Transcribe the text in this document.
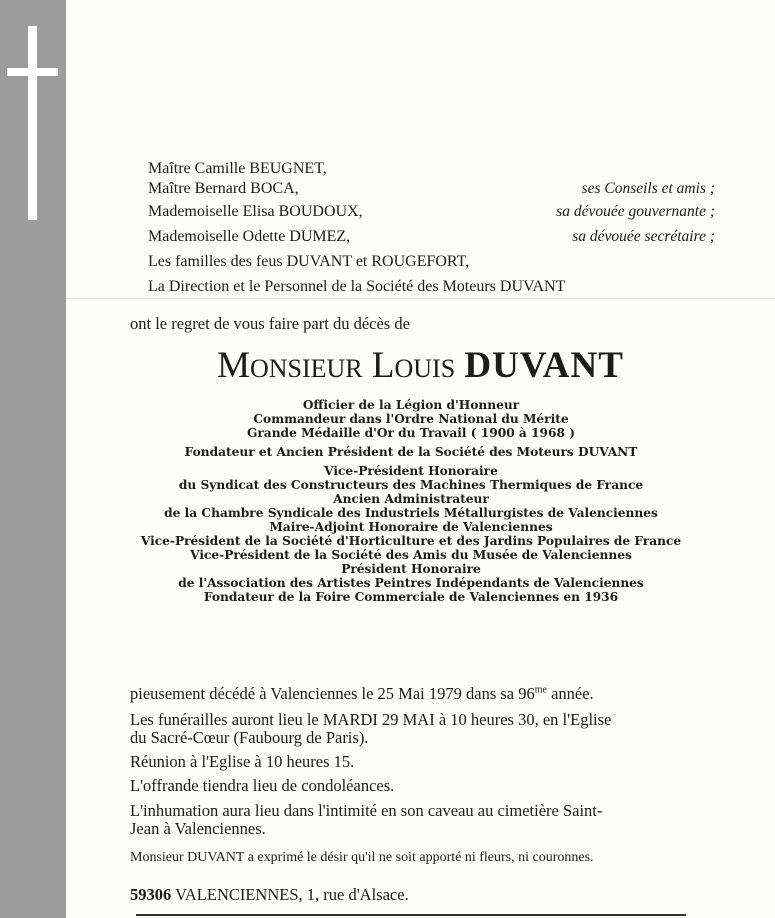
Maître Camille BEUGNET,
Maître Bernard BOCA,	ses Conseils et amis ;
Mademoiselle Elisa BOUDOUX,	sa dévouée gouvernante ;
Mademoiselle Odette DUMEZ,	sa dévouée secrétaire ;
Les familles des feus DUVANT et ROUGEFORT,
La Direction et le Personnel de la Société des Moteurs DUVANT
ont le regret de vous faire part du décès de
Monsieur Louis DUVANT
Officier de la Légion d'Honneur
Commandeur dans l'Ordre National du Mérite
Grande Médaille d'Or du Travail ( 1900 à 1968 )
Fondateur et Ancien Président de la Société des Moteurs DUVANT
Vice-Président Honoraire
du Syndicat des Constructeurs des Machines Thermiques de France
Ancien Administrateur
de la Chambre Syndicale des Industriels Métallurgistes de Valenciennes
Maire-Adjoint Honoraire de Valenciennes
Vice-Président de la Société d'Horticulture et des Jardins Populaires de France
Vice-Président de la Société des Amis du Musée de Valenciennes
Président Honoraire
de l'Association des Artistes Peintres Indépendants de Valenciennes
Fondateur de la Foire Commerciale de Valenciennes en 1936
pieusement décédé à Valenciennes le 25 Mai 1979 dans sa $96^{me}$ année.
Les funérailles auront lieu le MARDI 29 MAI à 10 heures 30, en l'Eglise
du Sacré-Cœur (Faubourg de Paris).
Réunion à l'Eglise à 10 heures 15.
L'offrande tiendra lieu de condoléances.
L'inhumation aura lieu dans l'intimité en son caveau au cimetière Saint-
Jean à Valenciennes.
Monsieur DUVANT a exprimé le désir qu'il ne soit apporté ni fleurs, ni couronnes.
59306 VALENCIENNES, 1, rue d'Alsace.
